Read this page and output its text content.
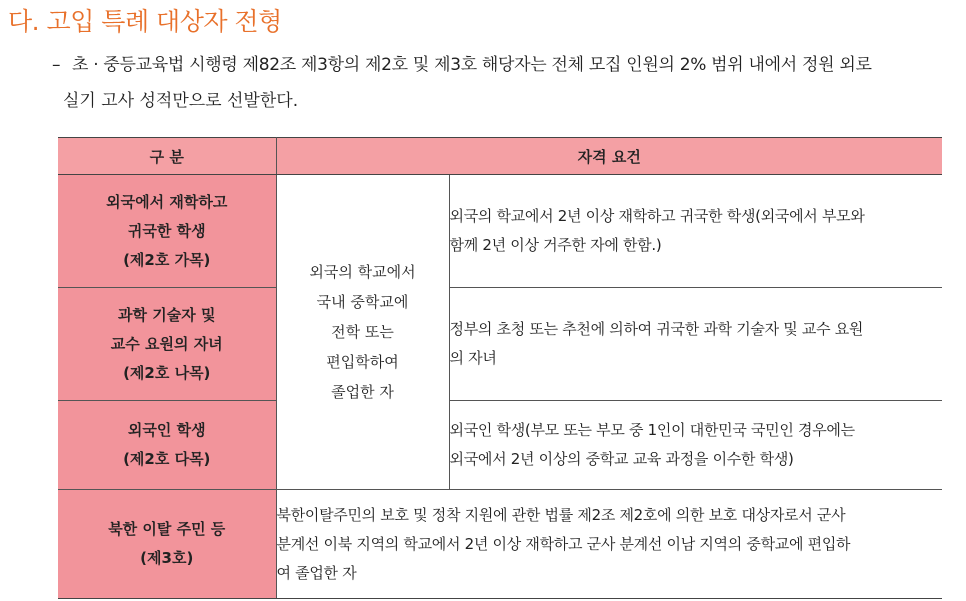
다. 고입 특례 대상자 전형
– 초 · 중등교육법 시행령 제82조 제3항의 제2호 및 제3호 해당자는 전체 모집 인원의 2% 범위 내에서 정원 외로
실기 고사 성적만으로 선발한다.
구 분	자격 요건	

외국에서 재학하고
귀국한 학생
(제2호 가목)	외국의 학교에서
국내 중학교에
전학 또는
편입학하여
졸업한 자	외국의 학교에서 2년 이상 재학하고 귀국한 학생(외국에서 부모와
함께 2년 이상 거주한 자에 한함.)

과학 기술자 및
교수 요원의 자녀
(제2호 나목)		정부의 초청 또는 추천에 의하여 귀국한 과학 기술자 및 교수 요원
의 자녀

외국인 학생
(제2호 다목)		외국인 학생(부모 또는 부모 중 1인이 대한민국 국민인 경우에는
외국에서 2년 이상의 중학교 교육 과정을 이수한 학생)

북한 이탈 주민 등
(제3호)	북한이탈주민의 보호 및 정착 지원에 관한 법률 제2조 제2호에 의한 보호 대상자로서 군사
분계선 이북 지역의 학교에서 2년 이상 재학하고 군사 분계선 이남 지역의 중학교에 편입하
여 졸업한 자	
